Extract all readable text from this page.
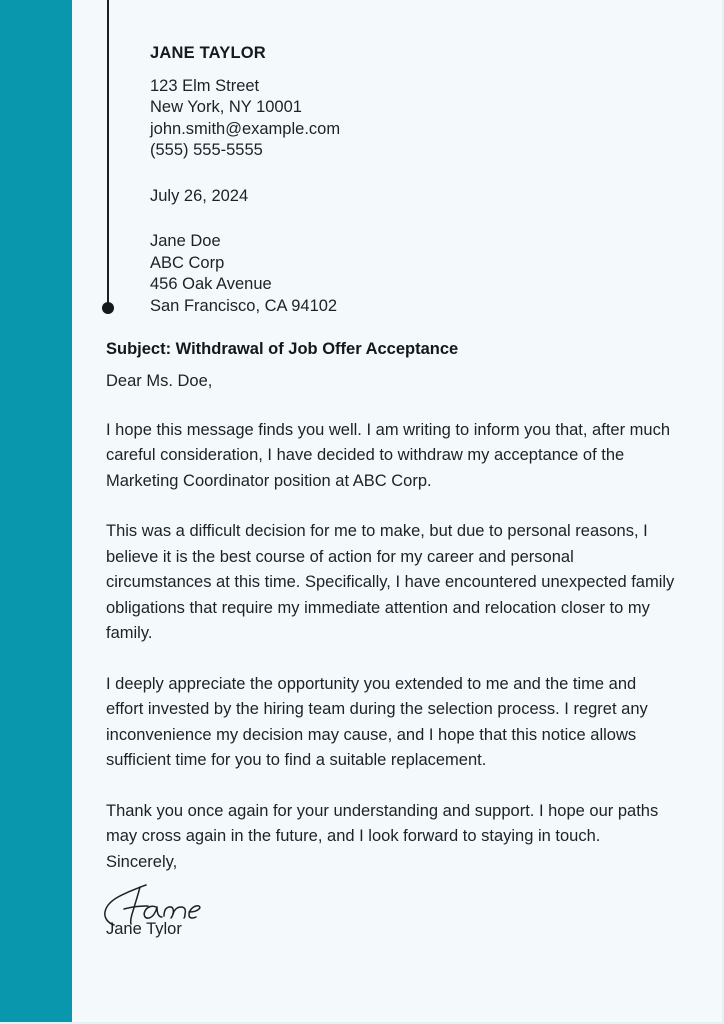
JANE TAYLOR
123 Elm Street
New York, NY 10001
john.smith@example.com
(555) 555-5555
July 26, 2024
Jane Doe
ABC Corp
456 Oak Avenue
San Francisco, CA 94102
Subject: Withdrawal of Job Offer Acceptance
Dear Ms. Doe,

I hope this message finds you well. I am writing to inform you that, after much careful consideration, I have decided to withdraw my acceptance of the Marketing Coordinator position at ABC Corp.

This was a difficult decision for me to make, but due to personal reasons, I believe it is the best course of action for my career and personal circumstances at this time. Specifically, I have encountered unexpected family obligations that require my immediate attention and relocation closer to my family.

I deeply appreciate the opportunity you extended to me and the time and effort invested by the hiring team during the selection process. I regret any inconvenience my decision may cause, and I hope that this notice allows sufficient time for you to find a suitable replacement.

Thank you once again for your understanding and support. I hope our paths may cross again in the future, and I look forward to staying in touch.

Sincerely,
Jane Tylor
